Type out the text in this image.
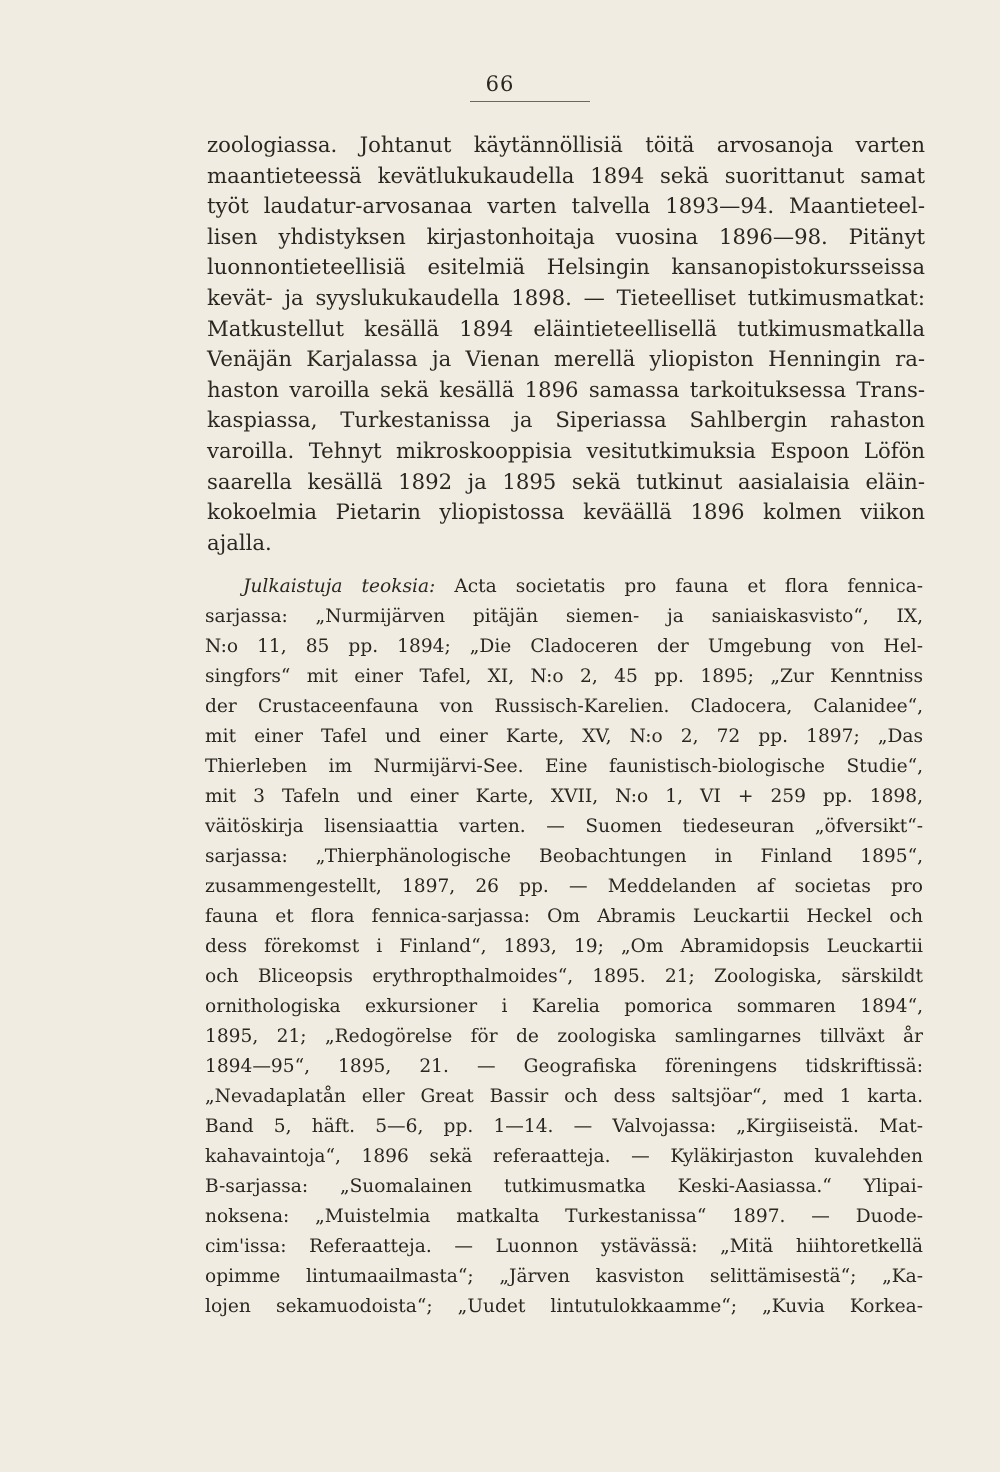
66
zoologiassa. Johtanut käytännöllisiä töitä arvosanoja varten
maantieteessä kevätlukukaudella 1894 sekä suorittanut samat
työt laudatur-arvosanaa varten talvella 1893—94. Maantieteel-
lisen yhdistyksen kirjastonhoitaja vuosina 1896—98. Pitänyt
luonnontieteellisiä esitelmiä Helsingin kansanopistokursseissa
kevät- ja syyslukukaudella 1898. — Tieteelliset tutkimusmatkat:
Matkustellut kesällä 1894 eläintieteellisellä tutkimusmatkalla
Venäjän Karjalassa ja Vienan merellä yliopiston Henningin ra-
haston varoilla sekä kesällä 1896 samassa tarkoituksessa Trans-
kaspiassa, Turkestanissa ja Siperiassa Sahlbergin rahaston
varoilla. Tehnyt mikroskooppisia vesitutkimuksia Espoon Löfön
saarella kesällä 1892 ja 1895 sekä tutkinut aasialaisia eläin-
kokoelmia Pietarin yliopistossa keväällä 1896 kolmen viikon
ajalla.
Julkaistuja teoksia: Acta societatis pro fauna et flora fennica-
sarjassa: „Nurmijärven pitäjän siemen- ja saniaiskasvisto“, IX,
N:o 11, 85 pp. 1894; „Die Cladoceren der Umgebung von Hel-
singfors“ mit einer Tafel, XI, N:o 2, 45 pp. 1895; „Zur Kenntniss
der Crustaceenfauna von Russisch-Karelien. Cladocera, Calanidee“,
mit einer Tafel und einer Karte, XV, N:o 2, 72 pp. 1897; „Das
Thierleben im Nurmijärvi-See. Eine faunistisch-biologische Studie“,
mit 3 Tafeln und einer Karte, XVII, N:o 1, VI + 259 pp. 1898,
väitöskirja lisensiaattia varten. — Suomen tiedeseuran „öfversikt“-
sarjassa: „Thierphänologische Beobachtungen in Finland 1895“,
zusammengestellt, 1897, 26 pp. — Meddelanden af societas pro
fauna et flora fennica-sarjassa: Om Abramis Leuckartii Heckel och
dess förekomst i Finland“, 1893, 19; „Om Abramidopsis Leuckartii
och Bliceopsis erythropthalmoides“, 1895. 21; Zoologiska, särskildt
ornithologiska exkursioner i Karelia pomorica sommaren 1894“,
1895, 21; „Redogörelse för de zoologiska samlingarnes tillväxt år
1894—95“, 1895, 21. — Geografiska föreningens tidskriftissä:
„Nevadaplatån eller Great Bassir och dess saltsjöar“, med 1 karta.
Band 5, häft. 5—6, pp. 1—14. — Valvojassa: „Kirgiiseistä. Mat-
kahavaintoja“, 1896 sekä referaatteja. — Kyläkirjaston kuvalehden
B-sarjassa: „Suomalainen tutkimusmatka Keski-Aasiassa.“ Ylipai-
noksena: „Muistelmia matkalta Turkestanissa“ 1897. — Duode-
cim'issa: Referaatteja. — Luonnon ystävässä: „Mitä hiihtoretkellä
opimme lintumaailmasta“; „Järven kasviston selittämisestä“; „Ka-
lojen sekamuodoista“; „Uudet lintutulokkaamme“; „Kuvia Korkea-
